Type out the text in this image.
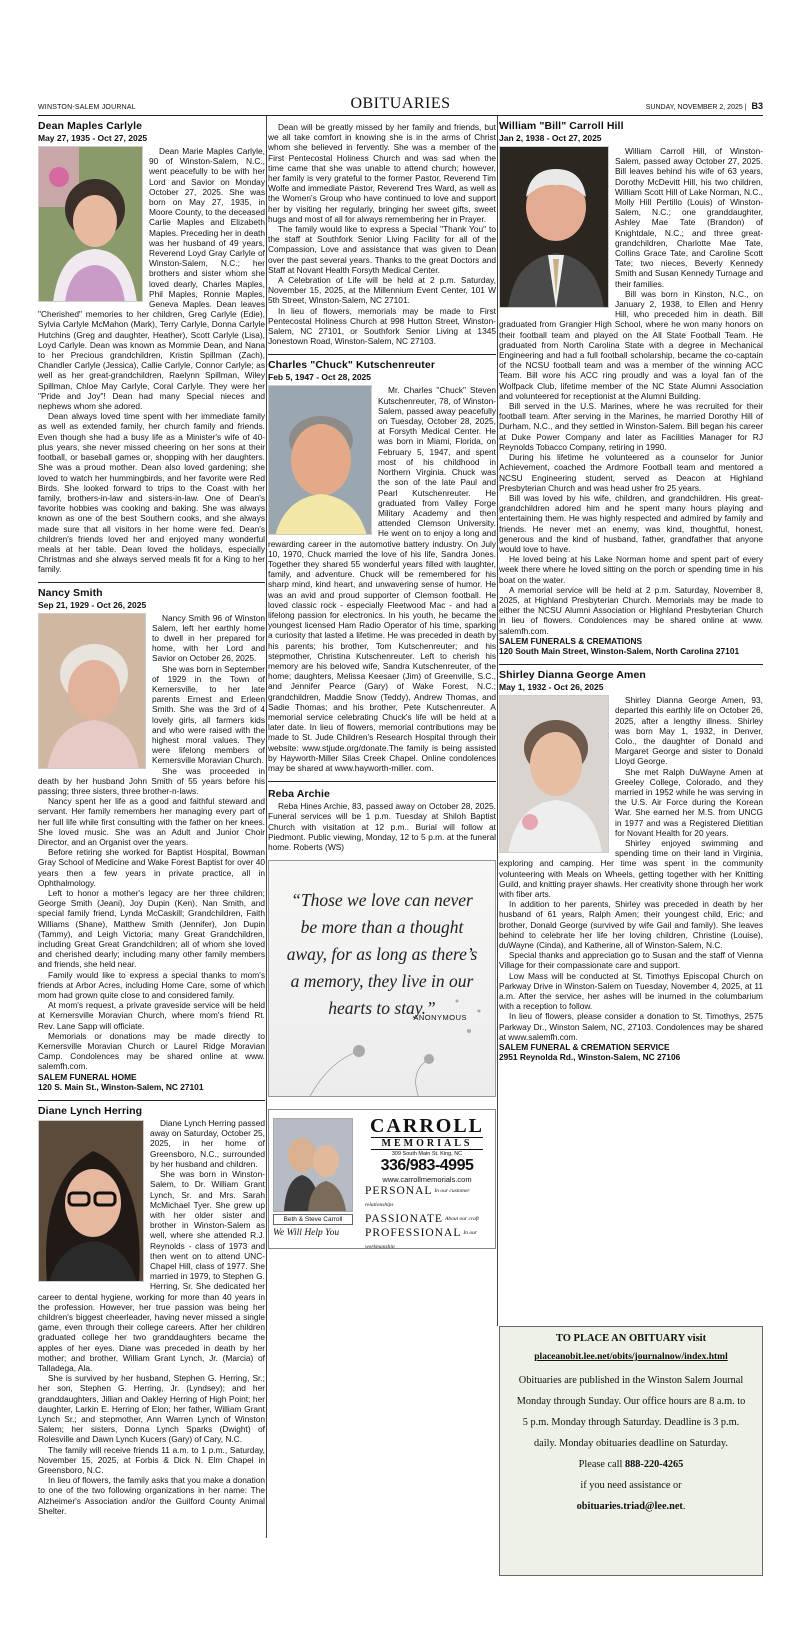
WINSTON-SALEM JOURNAL	OBITUARIES	SUNDAY, NOVEMBER 2, 2025 | B3
Dean Maples Carlyle
May 27, 1935 - Oct 27, 2025

Dean Marie Maples Carlyle, 90 of Winston-Salem, N.C., went peacefully to be with her Lord and Savior on Monday October 27, 2025. She was born on May 27, 1935, in Moore County, to the deceased Carlie Maples and Elizabeth Maples. Preceding her in death was her husband of 49 years, Reverend Loyd Gray Carlyle of Winston-Salem, N.C.; her brothers and sister whom she loved dearly, Charles Maples, Phil Maples, Ronnie Maples, Geneva Maples. Dean leaves "Cherished" memories to her children, Greg Carlyle (Edie), Sylvia Carlyle McMahon (Mark), Terry Carlyle, Donna Carlyle Hutchins (Greg and daughter, Heather), Scott Carlyle (Lisa), Loyd Carlyle. Dean was known as Mommie Dean, and Nana to her Precious grandchildren, Kristin Spillman (Zach), Chandler Carlyle (Jessica), Callie Carlyle, Connor Carlyle; as well as her great-grandchildren, Raelynn Spillman, Wiley Spillman, Chloe May Carlyle, Coral Carlyle. They were her "Pride and Joy"! Dean had many Special nieces and nephews whom she adored.

Dean always loved time spent with her immediate family as well as extended family, her church family and friends. Even though she had a busy life as a Minister's wife of 40-plus years, she never missed cheering on her sons at their football, or baseball games or, shopping with her daughters. She was a proud mother. Dean also loved gardening; she loved to watch her hummingbirds, and her favorite were Red Birds. She looked forward to trips to the Coast with her family, brothers-in-law and sisters-in-law. One of Dean's favorite hobbies was cooking and baking. She was always known as one of the best Southern cooks, and she always made sure that all visitors in her home were fed. Dean's children's friends loved her and enjoyed many wonderful meals at her table. Dean loved the holidays, especially Christmas and she always served meals fit for a King to her family.

Nancy Smith
Sep 21, 1929 - Oct 26, 2025

Nancy Smith 96 of Winston Salem, left her earthly home to dwell in her prepared for home, with her Lord and Savior on October 26, 2025.

She was born in September of 1929 in the Town of Kernersville, to her late parents Ernest and Erleen Smith. She was the 3rd of 4 lovely girls, all farmers kids and who were raised with the highest moral values. They were lifelong members of Kernersville Moravian Church.

She was proceeded in death by her husband John Smith of 55 years before his passing; three sisters, three brother-n-laws.

Nancy spent her life as a good and faithful steward and servant. Her family remembers her managing every part of her full life while first consulting with the father on her knees. She loved music. She was an Adult and Junior Choir Director, and an Organist over the years.

Before retiring she worked for Baptist Hospital, Bowman Gray School of Medicine and Wake Forest Baptist for over 40 years then a few years in private practice, all in Ophthalmology.

Left to honor a mother's legacy are her three children; George Smith (Jeani), Joy Dupin (Ken), Nan Smith, and special family friend, Lynda McCaskill; Grandchildren, Faith Williams (Shane), Matthew Smith (Jennifer), Jon Dupin (Tammy), and Leigh Victoria; many Great Grandchildren, including Great Great Grandchildren; all of whom she loved and cherished dearly; including many other family members and friends, she held near.

Family would like to express a special thanks to mom's friends at Arbor Acres, including Home Care, some of which mom had grown quite close to and considered family.

At mom's request, a private graveside service will be held at Kernersville Moravian Church, where mom's friend Rt. Rev. Lane Sapp will officiate.

Memorials or donations may be made directly to Kernersville Moravian Church or Laurel Ridge Moravian Camp. Condolences may be shared online at www. salemfh.com.

SALEM FUNERAL HOME

120 S. Main St., Winston-Salem, NC 27101

Diane Lynch Herring

Diane Lynch Herring passed away on Saturday, October 25, 2025, in her home of Greensboro, N.C., surrounded by her husband and children.

She was born in Winston-Salem, to Dr. William Grant Lynch, Sr. and Mrs. Sarah McMichael Tyer. She grew up with her older sister and brother in Winston-Salem as well, where she attended R.J. Reynolds - class of 1973 and then went on to attend UNC-Chapel Hill, class of 1977. She married in 1979, to Stephen G. Herring, Sr. She dedicated her career to dental hygiene, working for more than 40 years in the profession. However, her true passion was being her children's biggest cheerleader, having never missed a single game, even through their college careers. After her children graduated college her two granddaughters became the apples of her eyes. Diane was preceded in death by her mother; and brother, William Grant Lynch, Jr. (Marcia) of Talladega, Ala.

She is survived by her husband, Stephen G. Herring, Sr.; her son, Stephen G. Herring, Jr. (Lyndsey); and her granddaughters, Jillian and Oakley Herring of High Point; her daughter, Larkin E. Herring of Elon; her father, William Grant Lynch Sr.; and stepmother, Ann Warren Lynch of Winston Salem; her sisters, Donna Lynch Sparks (Dwight) of Rolesville and Dawn Lynch Kucers (Gary) of Cary, N.C.

The family will receive friends 11 a.m. to 1 p.m., Saturday, November 15, 2025, at Forbis & Dick N. Elm Chapel in Greensboro, N.C.

In lieu of flowers, the family asks that you make a donation to one of the two following organizations in her name: The Alzheimer's Association and/or the Guilford County Animal Shelter.

Dean will be greatly missed by her family and friends, but we all take comfort in knowing she is in the arms of Christ whom she believed in fervently. She was a member of the First Pentecostal Holiness Church and was sad when the time came that she was unable to attend church; however, her family is very grateful to the former Pastor, Reverend Tim Wolfe and immediate Pastor, Reverend Tres Ward, as well as the Women's Group who have continued to love and support her by visiting her regularly, bringing her sweet gifts, sweet hugs and most of all for always remembering her in Prayer.

The family would like to express a Special "Thank You" to the staff at Southfork Senior Living Facility for all of the Compassion, Love and assistance that was given to Dean over the past several years. Thanks to the great Doctors and Staff at Novant Health Forsyth Medical Center.

A Celebration of Life will be held at 2 p.m. Saturday, November 15, 2025, at the Millennium Event Center, 101 W 5th Street, Winston-Salem, NC 27101.

In lieu of flowers, memorials may be made to First Pentecostal Holiness Church at 998 Hutton Street, Winston-Salem, NC 27101, or Southfork Senior Living at 1345 Jonestown Road, Winston-Salem, NC 27103.

Charles "Chuck" Kutschenreuter
Feb 5, 1947 - Oct 28, 2025

Mr. Charles "Chuck" Steven Kutschenreuter, 78, of Winston-Salem, passed away peacefully on Tuesday, October 28, 2025, at Forsyth Medical Center. He was born in Miami, Florida, on February 5, 1947, and spent most of his childhood in Northern Virginia. Chuck was the son of the late Paul and Pearl Kutschenreuter. He graduated from Valley Forge Military Academy and then attended Clemson University. He went on to enjoy a long and rewarding career in the automotive battery industry. On July 10, 1970, Chuck married the love of his life, Sandra Jones. Together they shared 55 wonderful years filled with laughter, family, and adventure. Chuck will be remembered for his sharp mind, kind heart, and unwavering sense of humor. He was an avid and proud supporter of Clemson football. He loved classic rock - especially Fleetwood Mac - and had a lifelong passion for electronics. In his youth, he became the youngest licensed Ham Radio Operator of his time, sparking a curiosity that lasted a lifetime. He was preceded in death by his parents; his brother, Tom Kutschenreuter; and his stepmother, Christina Kutschenreuter. Left to cherish his memory are his beloved wife, Sandra Kutschenreuter, of the home; daughters, Melissa Keesaer (Jim) of Greenville, S.C., and Jennifer Pearce (Gary) of Wake Forest, N.C.; grandchildren, Maddie Snow (Teddy), Andrew Thomas, and Sadie Thomas; and his brother, Pete Kutschenreuter. A memorial service celebrating Chuck's life will be held at a later date. In lieu of flowers, memorial contributions may be made to St. Jude Children's Research Hospital through their website: www.stjude.org/donate.The family is being assisted by Hayworth-Miller Silas Creek Chapel. Online condolences may be shared at www.hayworth-miller. com.

Reba Archie

Reba Hines Archie, 83, passed away on October 28, 2025. Funeral services will be 1 p.m. Tuesday at Shiloh Baptist Church with visitation at 12 p.m.. Burial will follow at Piedmont. Public viewing, Monday, 12 to 5 p.m. at the funeral home. Roberts (WS)

“Those we love can never be more than a thought away, for as long as there’s a memory, they live in our hearts to stay.”
ANONYMOUS
Beth & Steve Carroll
We Will Help You
CARROLL
MEMORIALS
309 South Main St. King, NC
336/983-4995
www.carrollmemorials.com
PERSONAL $^{In our customer relationships}$
PASSIONATE $^{About our craft}$
PROFESSIONAL $^{In our workmanship}$
William "Bill" Carroll Hill
Jan 2, 1938 - Oct 27, 2025

William Carroll Hill, of Winston-Salem, passed away October 27, 2025. Bill leaves behind his wife of 63 years, Dorothy McDevitt Hill, his two children, William Scott Hill of Lake Norman, N.C., Molly Hill Pertillo (Louis) of Winston-Salem, N.C.; one granddaughter, Ashley Mae Tate (Brandon) of Knightdale, N.C.; and three great-grandchildren, Charlotte Mae Tate, Collins Grace Tate, and Caroline Scott Tate; two nieces, Beverly Kennedy Smith and Susan Kennedy Turnage and their families.

Bill was born in Kinston, N.C., on January 2, 1938, to Ellen and Henry Hill, who preceded him in death. Bill graduated from Grangier High School, where he won many honors on their football team and played on the All State Football Team. He graduated from North Carolina State with a degree in Mechanical Engineering and had a full football scholarship, became the co-captain of the NCSU football team and was a member of the winning ACC Team. Bill wore his ACC ring proudly and was a loyal fan of the Wolfpack Club, lifetime member of the NC State Alumni Association and volunteered for receptionist at the Alumni Building.

Bill served in the U.S. Marines, where he was recruited for their football team. After serving in the Marines, he married Dorothy Hill of Durham, N.C., and they settled in Winston-Salem. Bill began his career at Duke Power Company and later as Facilities Manager for RJ Reynolds Tobacco Company, retiring in 1990.

During his lifetime he volunteered as a counselor for Junior Achievement, coached the Ardmore Football team and mentored a NCSU Engineering student, served as Deacon at Highland Presbyterian Church and was head usher fro 25 years.

Bill was loved by his wife, children, and grandchildren. His great-grandchildren adored him and he spent many hours playing and entertaining them. He was highly respected and admired by family and friends. He never met an enemy, was kind, thoughtful, honest, generous and the kind of husband, father, grandfather that anyone would love to have.

He loved being at his Lake Norman home and spent part of every week there where he loved sitting on the porch or spending time in his boat on the water.

A memorial service will be held at 2 p.m. Saturday, November 8, 2025, at Highland Presbyterian Church. Memorials may be made to either the NCSU Alumni Association or Highland Presbyterian Church in lieu of flowers. Condolences may be shared online at www. salemfh.com.

SALEM FUNERALS & CREMATIONS

120 South Main Street, Winston-Salem, North Carolina 27101

Shirley Dianna George Amen
May 1, 1932 - Oct 26, 2025

Shirley Dianna George Amen, 93, departed this earthly life on October 26, 2025, after a lengthy illness. Shirley was born May 1, 1932, in Denver, Colo., the daughter of Donald and Margaret George and sister to Donald Lloyd George.

She met Ralph DuWayne Amen at Greeley College, Colorado, and they married in 1952 while he was serving in the U.S. Air Force during the Korean War. She earned her M.S. from UNCG in 1977 and was a Registered Dietitian for Novant Health for 20 years.

Shirley enjoyed swimming and spending time on their land in Virginia, exploring and camping. Her time was spent in the community volunteering with Meals on Wheels, getting together with her Knitting Guild, and knitting prayer shawls. Her creativity shone through her work with fiber arts.

In addition to her parents, Shirley was preceded in death by her husband of 61 years, Ralph Amen; their youngest child, Eric; and brother, Donald George (survived by wife Gail and family). She leaves behind to celebrate her life her loving children, Christine (Louise), duWayne (Cinda), and Katherine, all of Winston-Salem, N.C.

Special thanks and appreciation go to Susan and the staff of Vienna Village for their compassionate care and support.

Low Mass will be conducted at St. Timothys Episcopal Church on Parkway Drive in Winston-Salem on Tuesday, November 4, 2025, at 11 a.m. After the service, her ashes will be inurned in the columbarium with a reception to follow.

In lieu of flowers, please consider a donation to St. Timothys, 2575 Parkway Dr., Winston Salem, NC, 27103. Condolences may be shared at www.salemfh.com.

SALEM FUNERAL & CREMATION SERVICE

2951 Reynolda Rd., Winston-Salem, NC 27106

TO PLACE AN OBITUARY visit
placeanobit.lee.net/obits/journalnow/index.html
Obituaries are published in the Winston Salem Journal Monday through Sunday. Our office hours are 8 a.m. to 5 p.m. Monday through Saturday. Deadline is 3 p.m. daily. Monday obituaries deadline on Saturday.
Please call 888-220-4265
if you need assistance or
obituaries.triad@lee.net.
